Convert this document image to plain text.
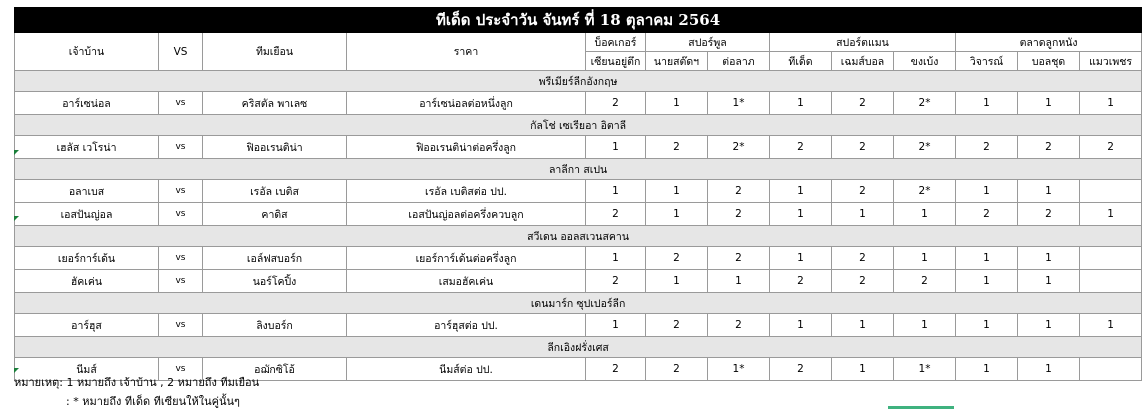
ทีเด็ด ประจำวัน จันทร์ ที่ 18 ตุลาคม 2564												
เจ้าบ้าน	VS	ทีมเยือน	ราคา	บ็อคเกอร์	สปอร์พูล		สปอร์ตแมน			ตลาดลูกหนัง		
				เซียนอยู่ตึก	นายสต๊ดฯ	ต่อลาภ	ทีเด็ด	เฉมส์บอล	ขงเบ้ง	วิจารณ์	บอลชุด	แมวเพชร
พรีเมียร์ลีกอังกฤษ												
อาร์เซน่อล	vs	คริสตัล พาเลซ	อาร์เซน่อลต่อหนึ่งลูก	2	1	1*	1	2	2*	1	1	1
กัลโช่ เซเรียอา อิตาลี												
เฮลัส เวโรน่า	vs	ฟิออเรนติน่า	ฟิออเรนติน่าต่อครึ่งลูก	1	2	2*	2	2	2*	2	2	2
ลาลีกา สเปน												
อลาเบส	vs	เรอัล เบติส	เรอัล เบติสต่อ ปป.	1	1	2	1	2	2*	1	1	
เอสปันญ่อล	vs	คาดิส	เอสปันญ่อลต่อครึ่งควบลูก	2	1	2	1	1	1	2	2	1
สวีเดน ออลสเวนสคาน												
เยอร์การ์เด้น	vs	เอล์ฟสบอร์ก	เยอร์การ์เด้นต่อครึ่งลูก	1	2	2	1	2	1	1	1	
ฮัคเค่น	vs	นอร์โคปิ้ง	เสมอฮัคเค่น	2	1	1	2	2	2	1	1	
เดนมาร์ก ซุปเปอร์ลีก												
อาร์ฮุส	vs	ลิงบอร์ก	อาร์ฮุสต่อ ปป.	1	2	2	1	1	1	1	1	1
ลีกเอิงฝรั่งเศส												
นีมส์	vs	อฌักซิโอ้	นีมส์ต่อ ปป.	2	2	1*	2	1	1*	1	1	
หมายเหตุ: 1 หมายถึง เจ้าบ้าน , 2 หมายถึง ทีมเยือน
: * หมายถึง ทีเด็ด ทีเซียนให้ในคู่นั้นๆ
